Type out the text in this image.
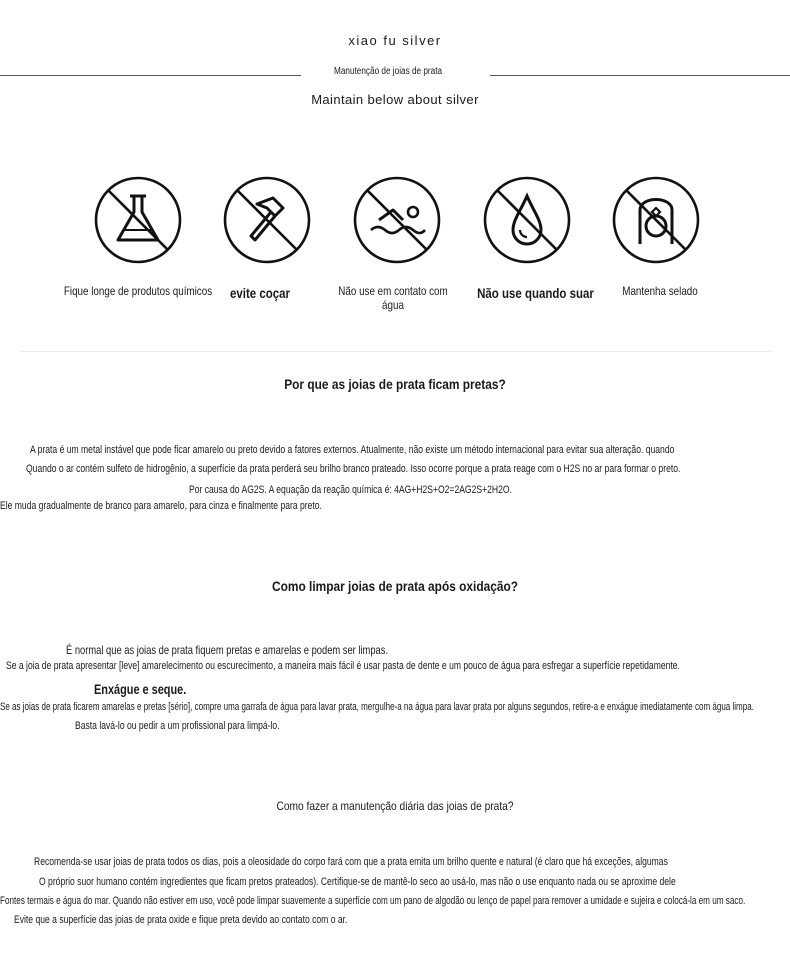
xiao fu silver
Manutenção de joias de prata
Maintain below about silver
Fique longe de produtos químicos	evite coçar	Não use em contato com água
Não use quando suar	Mantenha selado
Por que as joias de prata ficam pretas?
A prata é um metal instável que pode ficar amarelo ou preto devido a fatores externos. Atualmente, não existe um método internacional para evitar sua alteração. quando
Quando o ar contém sulfeto de hidrogênio, a superfície da prata perderá seu brilho branco prateado. Isso ocorre porque a prata reage com o H2S no ar para formar o preto.
Por causa do AG2S. A equação da reação química é: 4AG+H2S+O2=2AG2S+2H2O.
Ele muda gradualmente de branco para amarelo, para cinza e finalmente para preto.
Como limpar joias de prata após oxidação?
É normal que as joias de prata fiquem pretas e amarelas e podem ser limpas.
Se a joia de prata apresentar [leve] amarelecimento ou escurecimento, a maneira mais fácil é usar pasta de dente e um pouco de água para esfregar a superfície repetidamente.
Enxágue e seque.
Se as joias de prata ficarem amarelas e pretas [sério], compre uma garrafa de água para lavar prata, mergulhe-a na água para lavar prata por alguns segundos, retire-a e enxágue imediatamente com água limpa.
Basta lavá-lo ou pedir a um profissional para limpá-lo.
Como fazer a manutenção diária das joias de prata?
Recomenda-se usar joias de prata todos os dias, pois a oleosidade do corpo fará com que a prata emita um brilho quente e natural (é claro que há exceções, algumas
O próprio suor humano contém ingredientes que ficam pretos prateados). Certifique-se de mantê-lo seco ao usá-lo, mas não o use enquanto nada ou se aproxime dele
Fontes termais e água do mar. Quando não estiver em uso, você pode limpar suavemente a superfície com um pano de algodão ou lenço de papel para remover a umidade e sujeira e colocá-la em um saco.
Evite que a superfície das joias de prata oxide e fique preta devido ao contato com o ar.
